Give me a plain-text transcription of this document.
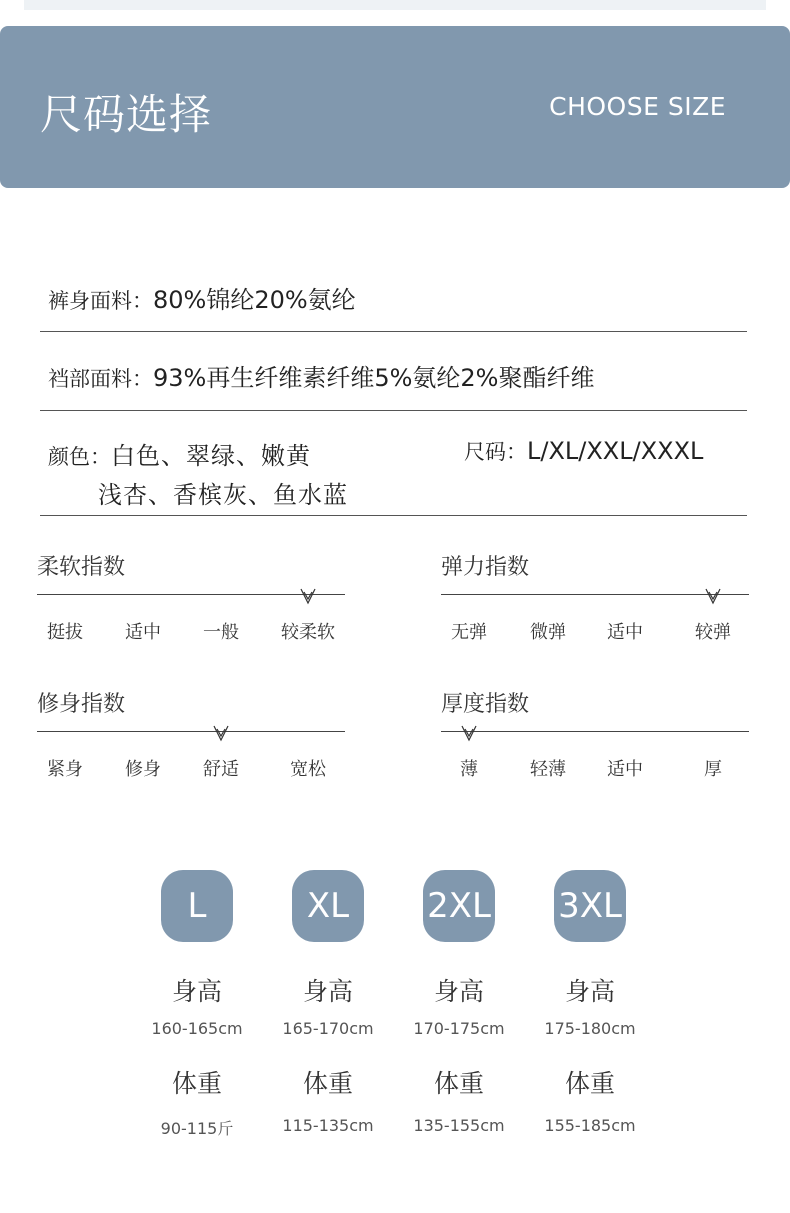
尺码选择	CHOOSE SIZE
裤身面料：80%锦纶20%氨纶
裆部面料：93%再生纤维素纤维5%氨纶2%聚酯纤维
颜色：白色、翠绿、嫩黄
浅杏、香槟灰、鱼水蓝
尺码：L/XL/XXL/XXXL
柔软指数
挺拔 适中 一般 较柔软
弹力指数
无弹 微弹 适中	较弹
修身指数
紧身 修身 舒适	宽松
厚度指数
薄	轻薄 适中	厚
L
身高
160-165cm
体重
90-115斤
XL
身高
165-170cm
体重
115-135cm
2XL
身高
170-175cm
体重
135-155cm
3XL
身高
175-180cm
体重
155-185cm
